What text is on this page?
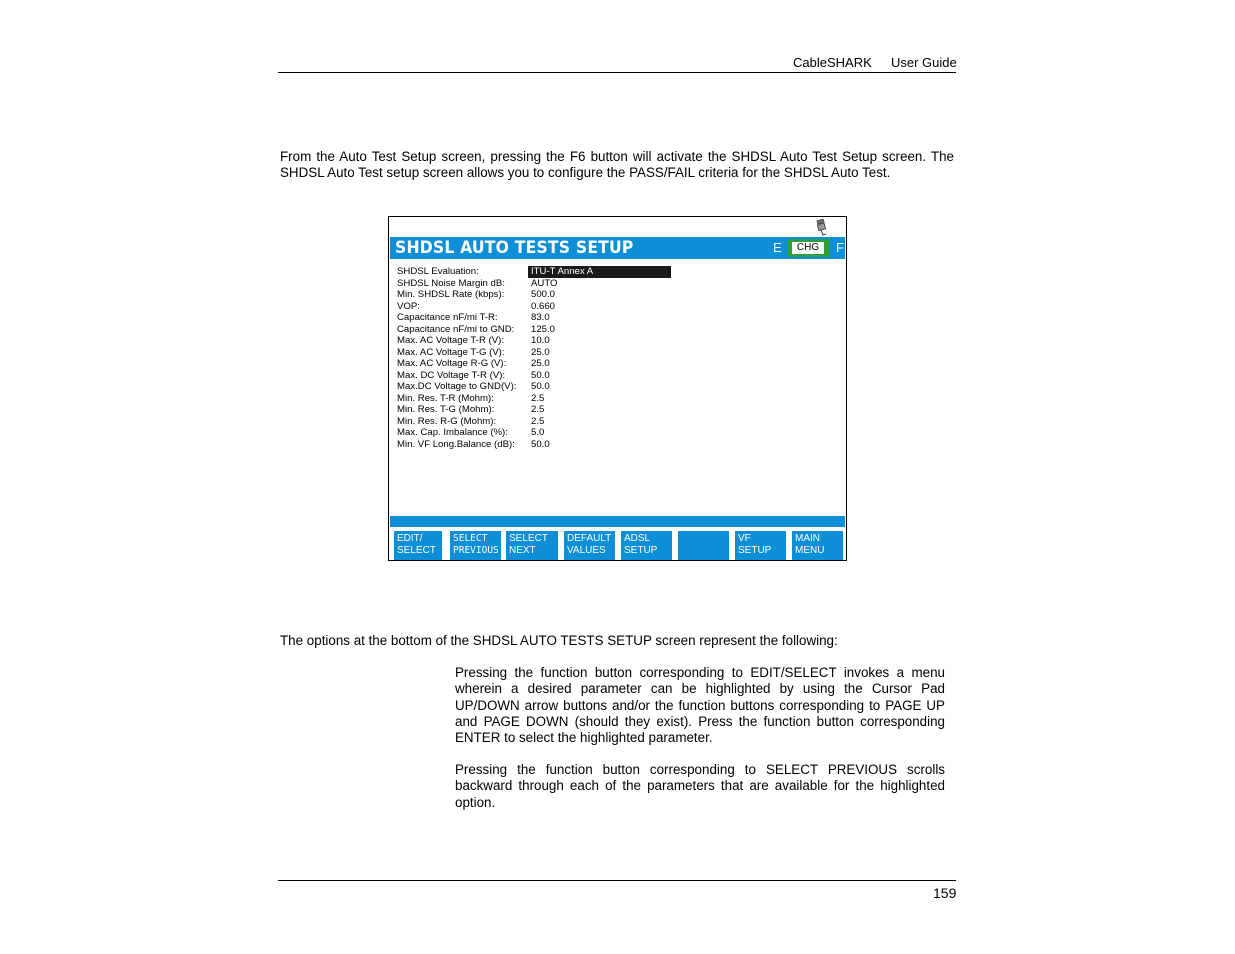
CableSHARK User Guide
From the Auto Test Setup screen, pressing the F6 button will activate the SHDSL Auto Test Setup screen. The SHDSL Auto Test setup screen allows you to configure the PASS/FAIL criteria for the SHDSL Auto Test.
SHDSL AUTO TESTS SETUP	E	CHG	F
SHDSL Evaluation:	ITU-T Annex A
SHDSL Noise Margin dB:	AUTO
Min. SHDSL Rate (kbps):	500.0
VOP:	0.660
Capacitance nF/mi T-R:	83.0
Capacitance nF/mi to GND: 125.0
Max. AC Voltage T-R (V):	10.0
Max. AC Voltage T-G (V):	25.0
Max. AC Voltage R-G (V):	25.0
Max. DC Voltage T-R (V):	50.0
Max.DC Voltage to GND(V): 50.0
Min. Res. T-R (Mohm):	2.5
Min. Res. T-G (Mohm):	2.5
Min. Res. R-G (Mohm):	2.5
Max. Cap. Imbalance (%): 5.0
Min. VF Long.Balance (dB): 50.0
EDIT/
SELECT
SELECT
PREVIOUS
SELECT
NEXT
DEFAULT
VALUES
ADSL
SETUP
VF
SETUP
MAIN
MENU
The options at the bottom of the SHDSL AUTO TESTS SETUP screen represent the following:
Pressing the function button corresponding to EDIT/SELECT invokes a menu wherein a desired parameter can be highlighted by using the Cursor Pad UP/DOWN arrow buttons and/or the function buttons corresponding to PAGE UP and PAGE DOWN (should they exist). Press the function button corresponding ENTER to select the highlighted parameter.
Pressing the function button corresponding to SELECT PREVIOUS scrolls backward through each of the parameters that are available for the highlighted option.
159
